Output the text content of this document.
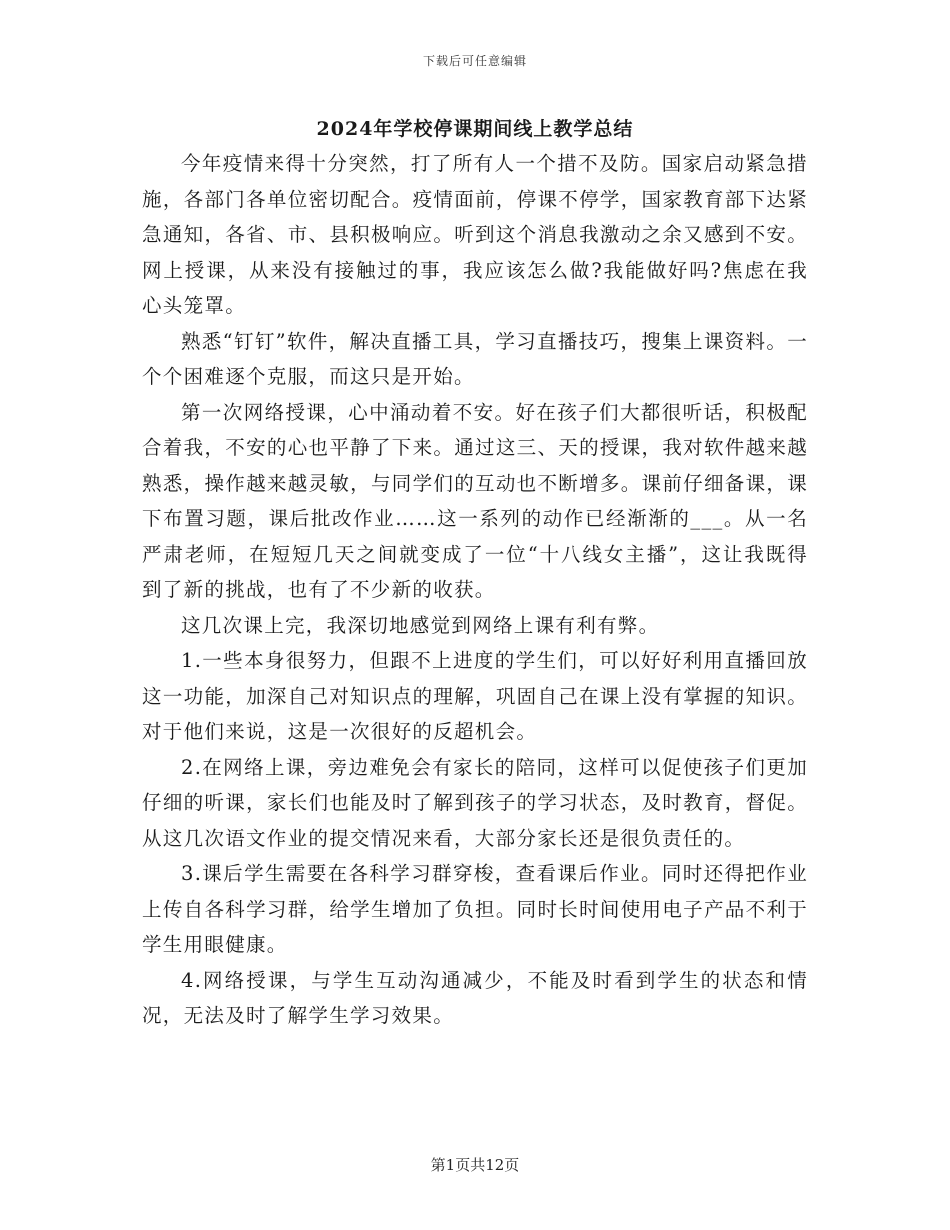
下载后可任意编辑
2024年学校停课期间线上教学总结

今年疫情来得十分突然，打了所有人一个措不及防。国家启动紧急措施，各部门各单位密切配合。疫情面前，停课不停学，国家教育部下达紧急通知，各省、市、县积极响应。听到这个消息我激动之余又感到不安。网上授课，从来没有接触过的事，我应该怎么做?我能做好吗?焦虑在我心头笼罩。

熟悉“钉钉”软件，解决直播工具，学习直播技巧，搜集上课资料。一个个困难逐个克服，而这只是开始。

第一次网络授课，心中涌动着不安。好在孩子们大都很听话，积极配合着我，不安的心也平静了下来。通过这三、天的授课，我对软件越来越熟悉，操作越来越灵敏，与同学们的互动也不断增多。课前仔细备课，课下布置习题，课后批改作业……这一系列的动作已经渐渐的___。从一名严肃老师，在短短几天之间就变成了一位“十八线女主播”，这让我既得到了新的挑战，也有了不少新的收获。

这几次课上完，我深切地感觉到网络上课有利有弊。

1.一些本身很努力，但跟不上进度的学生们，可以好好利用直播回放这一功能，加深自己对知识点的理解，巩固自己在课上没有掌握的知识。对于他们来说，这是一次很好的反超机会。

2.在网络上课，旁边难免会有家长的陪同，这样可以促使孩子们更加仔细的听课，家长们也能及时了解到孩子的学习状态，及时教育，督促。从这几次语文作业的提交情况来看，大部分家长还是很负责任的。

3.课后学生需要在各科学习群穿梭，查看课后作业。同时还得把作业上传自各科学习群，给学生增加了负担。同时长时间使用电子产品不利于学生用眼健康。

4.网络授课，与学生互动沟通减少，不能及时看到学生的状态和情况，无法及时了解学生学习效果。

第1页共12页
